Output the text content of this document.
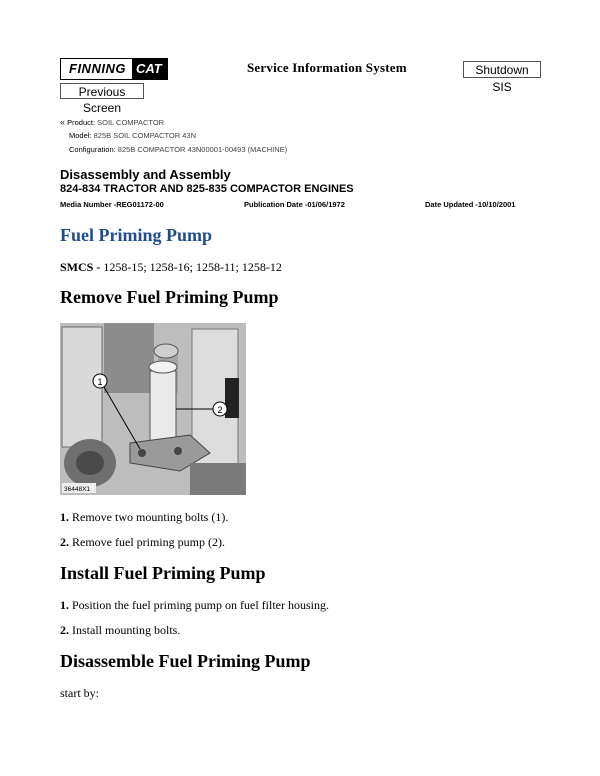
FINNING CAT	Service Information System	Shutdown SIS
Previous Screen
« Product: SOIL COMPACTOR
Model: 825B SOIL COMPACTOR 43N
Configuration: 825B COMPACTOR 43N00001-00493 (MACHINE)
Disassembly and Assembly
824-834 TRACTOR AND 825-835 COMPACTOR ENGINES
Media Number -REG01172-00	Publication Date -01/06/1972	Date Updated -10/10/2001
Fuel Priming Pump
SMCS - 1258-15; 1258-16; 1258-11; 1258-12
Remove Fuel Priming Pump
1
2
36448X1
1. Remove two mounting bolts (1).
2. Remove fuel priming pump (2).
Install Fuel Priming Pump
1. Position the fuel priming pump on fuel filter housing.
2. Install mounting bolts.
Disassemble Fuel Priming Pump
start by:
